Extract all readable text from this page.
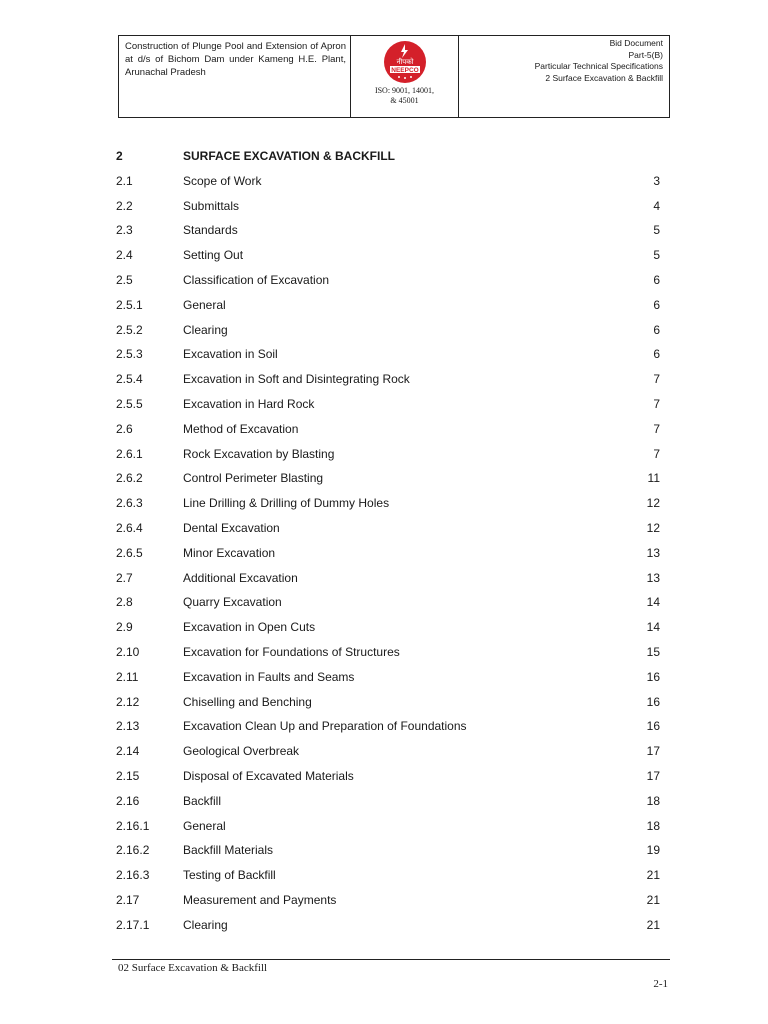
Construction of Plunge Pool and Extension of Apron at d/s of Bichom Dam under Kameng H.E. Plant, Arunachal Pradesh
नीपको
NEEPCO
ISO: 9001, 14001,
& 45001
Bid Document
Part-5(B)
Particular Technical Specifications
2 Surface Excavation & Backfill
2	SURFACE EXCAVATION & BACKFILL
2.1	Scope of Work	3
2.2	Submittals	4
2.3	Standards	5
2.4	Setting Out	5
2.5	Classification of Excavation	6
2.5.1	General	6
2.5.2	Clearing	6
2.5.3	Excavation in Soil	6
2.5.4	Excavation in Soft and Disintegrating Rock	7
2.5.5	Excavation in Hard Rock	7
2.6	Method of Excavation	7
2.6.1	Rock Excavation by Blasting	7
2.6.2	Control Perimeter Blasting	11
2.6.3	Line Drilling & Drilling of Dummy Holes	12
2.6.4	Dental Excavation	12
2.6.5	Minor Excavation	13
2.7	Additional Excavation	13
2.8	Quarry Excavation	14
2.9	Excavation in Open Cuts	14
2.10	Excavation for Foundations of Structures	15
2.11	Excavation in Faults and Seams	16
2.12	Chiselling and Benching	16
2.13	Excavation Clean Up and Preparation of Foundations	16
2.14	Geological Overbreak	17
2.15	Disposal of Excavated Materials	17
2.16	Backfill	18
2.16.1	General	18
2.16.2	Backfill Materials	19
2.16.3	Testing of Backfill	21
2.17	Measurement and Payments	21
2.17.1	Clearing	21
02 Surface Excavation & Backfill
2-1
